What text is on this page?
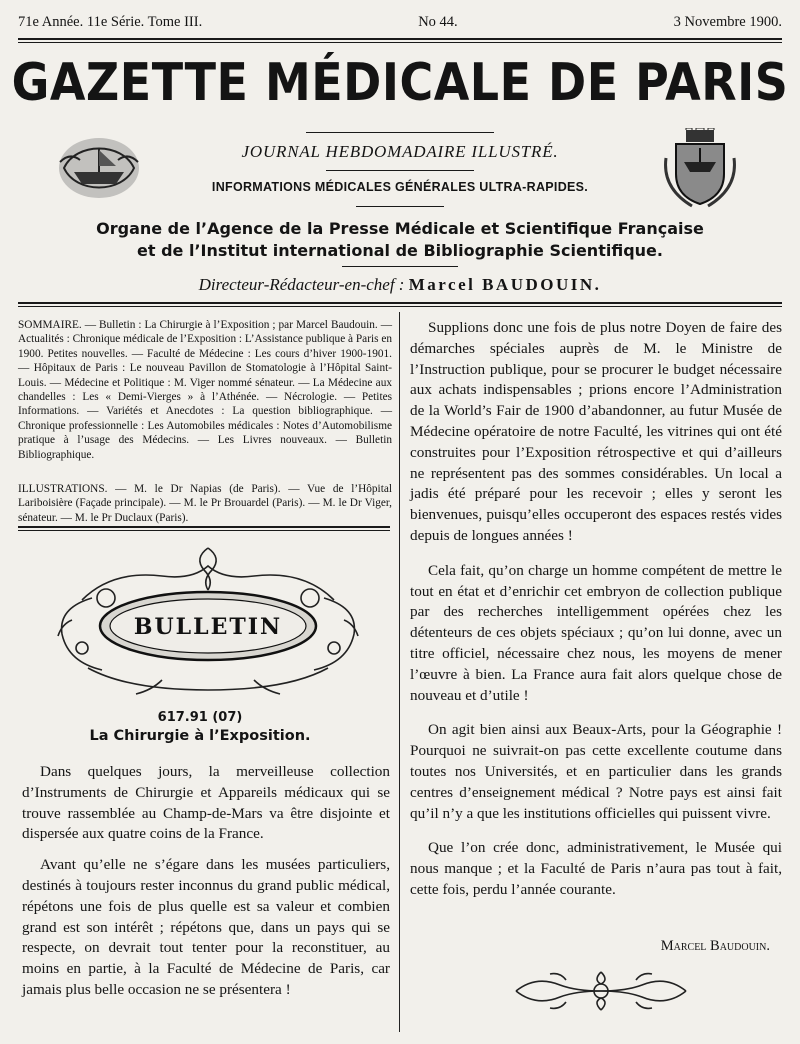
71e Année. 11e Série. Tome III.	No 44.	3 Novembre 1900.
GAZETTE MÉDICALE DE PARIS
JOURNAL HEBDOMADAIRE ILLUSTRÉ.
INFORMATIONS MÉDICALES GÉNÉRALES ULTRA-RAPIDES.
Organe de l’Agence de la Presse Médicale et Scientifique Française
et de l’Institut international de Bibliographie Scientifique.
Directeur-Rédacteur-en-chef : Marcel BAUDOUIN.
SOMMAIRE. — Bulletin : La Chirurgie à l’Exposition ; par Marcel Baudouin. — Actualités : Chronique médicale de l’Exposition : L’Assistance publique à Paris en 1900. Petites nouvelles. — Faculté de Médecine : Les cours d’hiver 1900-1901. — Hôpitaux de Paris : Le nouveau Pavillon de Stomatologie à l’Hôpital Saint-Louis. — Médecine et Politique : M. Viger nommé sénateur. — La Médecine aux chandelles : Les « Demi-Vierges » à l’Athénée. — Nécrologie. — Petites Informations. — Variétés et Anecdotes : La question bibliographique. — Chronique professionnelle : Les Automobiles médicales : Notes d’Automobilisme pratique à l’usage des Médecins. — Les Livres nouveaux. — Bulletin Bibliographique.
ILLUSTRATIONS. — M. le Dr Napias (de Paris). — Vue de l’Hôpital Lariboisière (Façade principale). — M. le Pr Brouardel (Paris). — M. le Dr Viger, sénateur. — M. le Pr Duclaux (Paris).
BULLETIN
617.91 (07)
La Chirurgie à l’Exposition.

Dans quelques jours, la merveilleuse collection d’Instruments de Chirurgie et Appareils médicaux qui se trouve rassemblée au Champ-de-Mars va être disjointe et dispersée aux quatre coins de la France.

Avant qu’elle ne s’égare dans les musées particuliers, destinés à toujours rester inconnus du grand public médical, répétons une fois de plus quelle est sa valeur et combien grand est son intérêt ; répétons que, dans un pays qui se respecte, on devrait tout tenter pour la reconstituer, au moins en partie, à la Faculté de Médecine de Paris, car jamais plus belle occasion ne se présentera !

Supplions donc une fois de plus notre Doyen de faire des démarches spéciales auprès de M. le Ministre de l’Instruction publique, pour se procurer le budget nécessaire aux achats indispensables ; prions encore l’Administration de la World’s Fair de 1900 d’abandonner, au futur Musée de Médecine opératoire de notre Faculté, les vitrines qui ont été construites pour l’Exposition rétrospective et qui d’ailleurs ne représentent pas des sommes considérables. Un local a jadis été préparé pour les recevoir ; elles y seront les bienvenues, puisqu’elles occuperont des espaces restés vides depuis de longues années !

Cela fait, qu’on charge un homme compétent de mettre le tout en état et d’enrichir cet embryon de collection publique par des recherches intelligemment opérées chez les détenteurs de ces objets spéciaux ; qu’on lui donne, avec un titre officiel, nécessaire chez nous, les moyens de mener l’œuvre à bien. La France aura fait alors quelque chose de nouveau et d’utile !

On agit bien ainsi aux Beaux-Arts, pour la Géographie ! Pourquoi ne suivrait-on pas cette excellente coutume dans toutes nos Universités, et en particulier dans les grands centres d’enseignement médical ? Notre pays est ainsi fait qu’il n’y a que les institutions officielles qui puissent vivre.

Que l’on crée donc, administrativement, le Musée qui nous manque ; et la Faculté de Paris n’aura pas tout à fait, cette fois, perdu l’année courante.

Marcel Baudouin.
